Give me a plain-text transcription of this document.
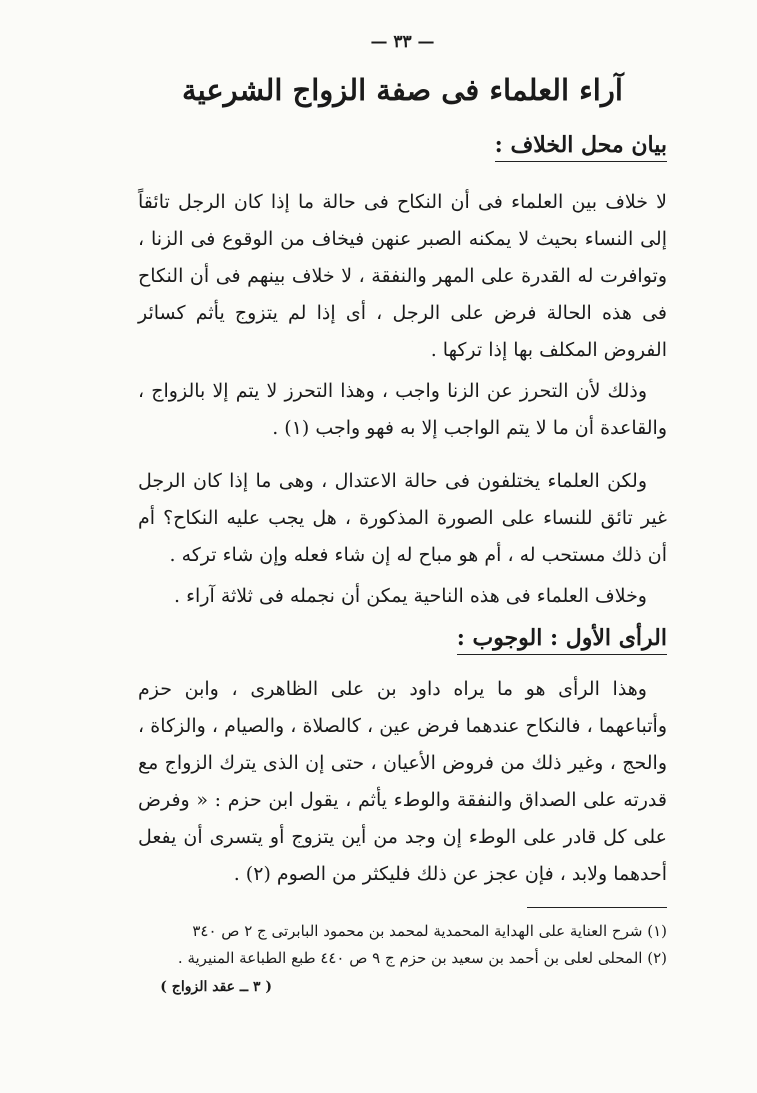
— ٣٣ —
آراء العلماء فى صفة الزواج الشرعية
بيان محل الخلاف :

لا خلاف بين العلماء فى أن النكاح فى حالة ما إذا كان الرجل تائقاً إلى النساء بحيث لا يمكنه الصبر عنهن فيخاف من الوقوع فى الزنا ، وتوافرت له القدرة على المهر والنفقة ، لا خلاف بينهم فى أن النكاح فى هذه الحالة فرض على الرجل ، أى إذا لم يتزوج يأثم كسائر الفروض المكلف بها إذا تركها .

وذلك لأن التحرز عن الزنا واجب ، وهذا التحرز لا يتم إلا بالزواج ، والقاعدة أن ما لا يتم الواجب إلا به فهو واجب (١) .

ولكن العلماء يختلفون فى حالة الاعتدال ، وهى ما إذا كان الرجل غير تائق للنساء على الصورة المذكورة ، هل يجب عليه النكاح؟ أم أن ذلك مستحب له ، أم هو مباح له إن شاء فعله وإن شاء تركه .

وخلاف العلماء فى هذه الناحية يمكن أن نجمله فى ثلاثة آراء .

الرأى الأول : الوجوب :

وهذا الرأى هو ما يراه داود بن على الظاهرى ، وابن حزم وأتباعهما ، فالنكاح عندهما فرض عين ، كالصلاة ، والصيام ، والزكاة ، والحج ، وغير ذلك من فروض الأعيان ، حتى إن الذى يترك الزواج مع قدرته على الصداق والنفقة والوطء يأثم ، يقول ابن حزم : « وفرض على كل قادر على الوطء إن وجد من أين يتزوج أو يتسرى أن يفعل أحدهما ولابد ، فإن عجز عن ذلك فليكثر من الصوم (٢) .

(١) شرح العناية على الهداية المحمدية لمحمد بن محمود البابرتى ج ٢ ص ٣٤٠

(٢) المحلى لعلى بن أحمد بن سعيد بن حزم ج ٩ ص ٤٤٠ طبع الطباعة المنيرية .

( ٣ ــ عقد الزواج )
